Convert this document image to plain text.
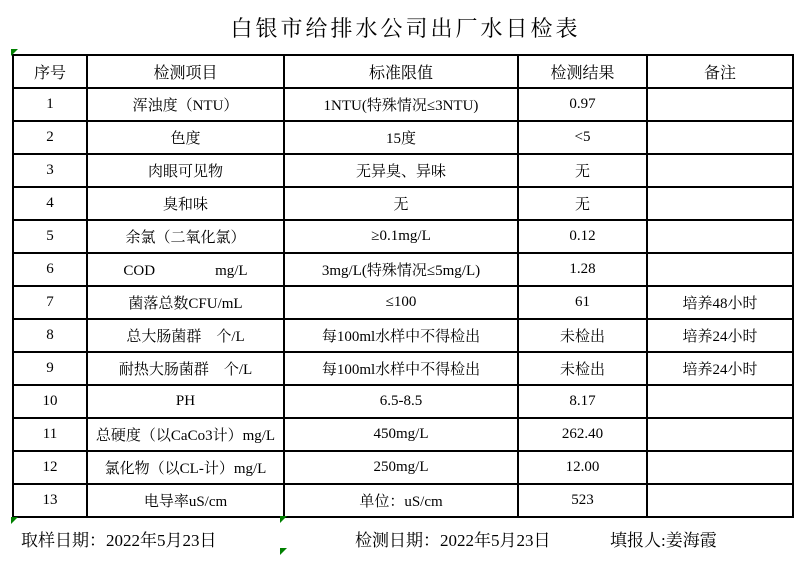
白银市给排水公司出厂水日检表
序号	检测项目	标准限值	检测结果	备注
1	浑浊度（NTU）	1NTU(特殊情况≤3NTU)	0.97	
2	色度	15度	<5	
3	肉眼可见物	无异臭、异味	无	
4	臭和味	无	无	
5	余氯（二氧化氯）	≥0.1mg/L	0.12	
6	COD　　　　mg/L	3mg/L(特殊情况≤5mg/L)	1.28	
7	菌落总数CFU/mL	≤100	61	培养48小时
8	总大肠菌群　个/L	每100ml水样中不得检出	未检出	培养24小时
9	耐热大肠菌群　个/L	每100ml水样中不得检出	未检出	培养24小时
10	PH	6.5-8.5	8.17	
11	总硬度（以CaCo3计）mg/L	450mg/L	262.40	
12	氯化物（以CL-计）mg/L	250mg/L	12.00	
13	电导率uS/cm	单位：uS/cm	523	
取样日期：2022年5月23日	检测日期：2022年5月23日	填报人:姜海霞
